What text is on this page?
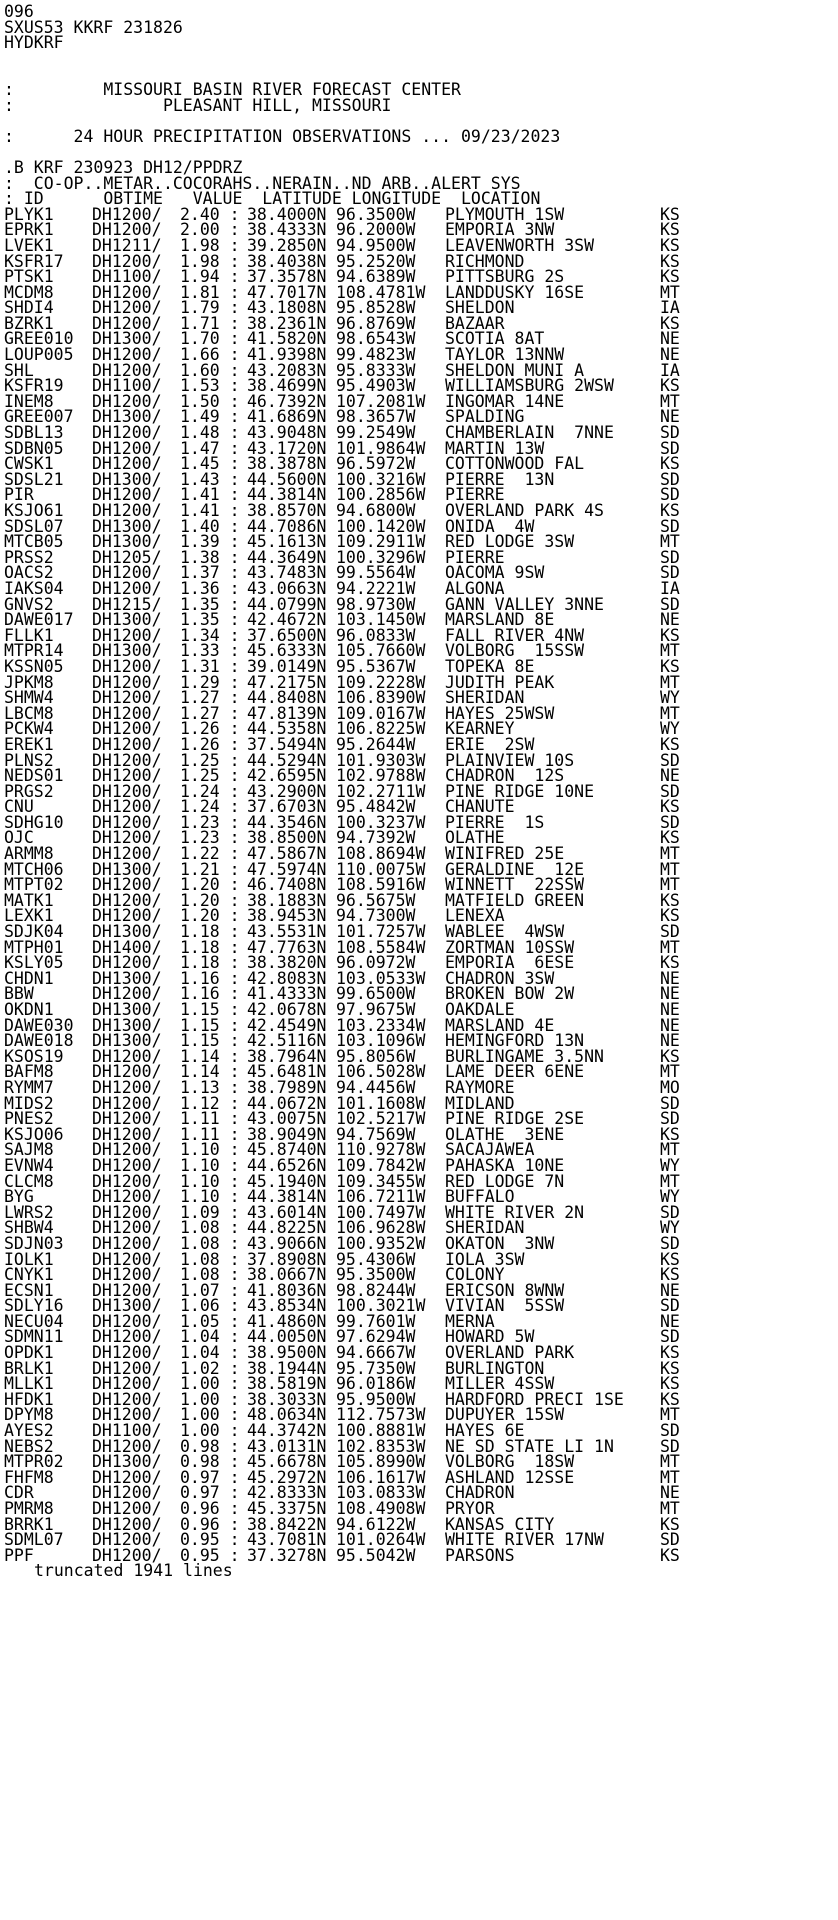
096
SXUS53 KKRF 231826
HYDKRF
:         MISSOURI BASIN RIVER FORECAST CENTER
:               PLEASANT HILL, MISSOURI
:      24 HOUR PRECIPITATION OBSERVATIONS ... 09/23/2023
.B KRF 230923 DH12/PPDRZ
:  CO-OP..METAR..COCORAHS..NERAIN..ND ARB..ALERT SYS
: ID      OBTIME   VALUE  LATITUDE LONGITUDE  LOCATION
PLYK1 DH1200/ 2.40 : 38.4000N 96.3500W PLYMOUTH 1SW	KS
EPRK1 DH1200/ 2.00 : 38.4333N 96.2000W EMPORIA 3NW	KS
LVEK1 DH1211/ 1.98 : 39.2850N 94.9500W LEAVENWORTH 3SW	KS
KSFR17 DH1200/ 1.98 : 38.4038N 95.2520W RICHMOND	KS
PTSK1 DH1100/ 1.94 : 37.3578N 94.6389W PITTSBURG 2S	KS
MCDM8 DH1200/ 1.81 : 47.7017N 108.4781W LANDDUSKY 16SE	MT
SHDI4 DH1200/ 1.79 : 43.1808N 95.8528W SHELDON	IA
BZRK1 DH1200/ 1.71 : 38.2361N 96.8769W BAZAAR	KS
GREE010 DH1300/ 1.70 : 41.5820N 98.6543W SCOTIA 8AT	NE
LOUP005 DH1200/ 1.66 : 41.9398N 99.4823W TAYLOR 13NNW	NE
SHL	DH1200/ 1.60 : 43.2083N 95.8333W SHELDON MUNI A	IA
KSFR19 DH1100/ 1.53 : 38.4699N 95.4903W WILLIAMSBURG 2WSW	KS
INEM8 DH1200/ 1.50 : 46.7392N 107.2081W INGOMAR 14NE	MT
GREE007 DH1300/ 1.49 : 41.6869N 98.3657W SPALDING	NE
SDBL13 DH1200/ 1.48 : 43.9048N 99.2549W CHAMBERLAIN  7NNE	SD
SDBN05 DH1200/ 1.47 : 43.1720N 101.9864W MARTIN 13W	SD
CWSK1 DH1200/ 1.45 : 38.3878N 96.5972W COTTONWOOD FAL	KS
SDSL21 DH1300/ 1.43 : 44.5600N 100.3216W PIERRE  13N	SD
PIR	DH1200/ 1.41 : 44.3814N 100.2856W PIERRE	SD
KSJO61 DH1200/ 1.41 : 38.8570N 94.6800W OVERLAND PARK 4S	KS
SDSL07 DH1300/ 1.40 : 44.7086N 100.1420W ONIDA  4W	SD
MTCB05 DH1300/ 1.39 : 45.1613N 109.2911W RED LODGE 3SW	MT
PRSS2 DH1205/ 1.38 : 44.3649N 100.3296W PIERRE	SD
OACS2 DH1200/ 1.37 : 43.7483N 99.5564W OACOMA 9SW	SD
IAKS04 DH1200/ 1.36 : 43.0663N 94.2221W ALGONA	IA
GNVS2 DH1215/ 1.35 : 44.0799N 98.9730W GANN VALLEY 3NNE	SD
DAWE017 DH1300/ 1.35 : 42.4672N 103.1450W MARSLAND 8E	NE
FLLK1 DH1200/ 1.34 : 37.6500N 96.0833W FALL RIVER 4NW	KS
MTPR14 DH1300/ 1.33 : 45.6333N 105.7660W VOLBORG  15SSW	MT
KSSN05 DH1200/ 1.31 : 39.0149N 95.5367W TOPEKA 8E	KS
JPKM8 DH1200/ 1.29 : 47.2175N 109.2228W JUDITH PEAK	MT
SHMW4 DH1200/ 1.27 : 44.8408N 106.8390W SHERIDAN	WY
LBCM8 DH1200/ 1.27 : 47.8139N 109.0167W HAYES 25WSW	MT
PCKW4 DH1200/ 1.26 : 44.5358N 106.8225W KEARNEY	WY
EREK1 DH1200/ 1.26 : 37.5494N 95.2644W ERIE  2SW	KS
PLNS2 DH1200/ 1.25 : 44.5294N 101.9303W PLAINVIEW 10S	SD
NEDS01 DH1200/ 1.25 : 42.6595N 102.9788W CHADRON  12S	NE
PRGS2 DH1200/ 1.24 : 43.2900N 102.2711W PINE RIDGE 10NE	SD
CNU	DH1200/ 1.24 : 37.6703N 95.4842W CHANUTE	KS
SDHG10 DH1200/ 1.23 : 44.3546N 100.3237W PIERRE  1S	SD
OJC	DH1200/ 1.23 : 38.8500N 94.7392W OLATHE	KS
ARMM8 DH1200/ 1.22 : 47.5867N 108.8694W WINIFRED 25E	MT
MTCH06 DH1300/ 1.21 : 47.5974N 110.0075W GERALDINE  12E	MT
MTPT02 DH1200/ 1.20 : 46.7408N 108.5916W WINNETT  22SSW	MT
MATK1 DH1200/ 1.20 : 38.1883N 96.5675W MATFIELD GREEN	KS
LEXK1 DH1200/ 1.20 : 38.9453N 94.7300W LENEXA	KS
SDJK04 DH1300/ 1.18 : 43.5531N 101.7257W WABLEE  4WSW	SD
MTPH01 DH1400/ 1.18 : 47.7763N 108.5584W ZORTMAN 10SSW	MT
KSLY05 DH1200/ 1.18 : 38.3820N 96.0972W EMPORIA  6ESE	KS
CHDN1 DH1300/ 1.16 : 42.8083N 103.0533W CHADRON 3SW	NE
BBW	DH1200/ 1.16 : 41.4333N 99.6500W BROKEN BOW 2W	NE
OKDN1 DH1300/ 1.15 : 42.0678N 97.9675W OAKDALE	NE
DAWE030 DH1300/ 1.15 : 42.4549N 103.2334W MARSLAND 4E	NE
DAWE018 DH1300/ 1.15 : 42.5116N 103.1096W HEMINGFORD 13N	NE
KSOS19 DH1200/ 1.14 : 38.7964N 95.8056W BURLINGAME 3.5NN	KS
BAFM8 DH1200/ 1.14 : 45.6481N 106.5028W LAME DEER 6ENE	MT
RYMM7 DH1200/ 1.13 : 38.7989N 94.4456W RAYMORE	MO
MIDS2 DH1200/ 1.12 : 44.0672N 101.1608W MIDLAND	SD
PNES2 DH1200/ 1.11 : 43.0075N 102.5217W PINE RIDGE 2SE	SD
KSJO06 DH1200/ 1.11 : 38.9049N 94.7569W OLATHE  3ENE	KS
SAJM8 DH1200/ 1.10 : 45.8740N 110.9278W SACAJAWEA	MT
EVNW4 DH1200/ 1.10 : 44.6526N 109.7842W PAHASKA 10NE	WY
CLCM8 DH1200/ 1.10 : 45.1940N 109.3455W RED LODGE 7N	MT
BYG	DH1200/ 1.10 : 44.3814N 106.7211W BUFFALO	WY
LWRS2 DH1200/ 1.09 : 43.6014N 100.7497W WHITE RIVER 2N	SD
SHBW4 DH1200/ 1.08 : 44.8225N 106.9628W SHERIDAN	WY
SDJN03 DH1200/ 1.08 : 43.9066N 100.9352W OKATON  3NW	SD
IOLK1 DH1200/ 1.08 : 37.8908N 95.4306W IOLA 3SW	KS
CNYK1 DH1200/ 1.08 : 38.0667N 95.3500W COLONY	KS
ECSN1 DH1200/ 1.07 : 41.8036N 98.8244W ERICSON 8WNW	NE
SDLY16 DH1300/ 1.06 : 43.8534N 100.3021W VIVIAN  5SSW	SD
NECU04 DH1200/ 1.05 : 41.4860N 99.7601W MERNA	NE
SDMN11 DH1200/ 1.04 : 44.0050N 97.6294W HOWARD 5W	SD
OPDK1 DH1200/ 1.04 : 38.9500N 94.6667W OVERLAND PARK	KS
BRLK1 DH1200/ 1.02 : 38.1944N 95.7350W BURLINGTON	KS
MLLK1 DH1200/ 1.00 : 38.5819N 96.0186W MILLER 4SSW	KS
HFDK1 DH1200/ 1.00 : 38.3033N 95.9500W HARDFORD PRECI 1SE KS
DPYM8 DH1200/ 1.00 : 48.0634N 112.7573W DUPUYER 15SW	MT
AYES2 DH1100/ 1.00 : 44.3742N 100.8881W HAYES 6E	SD
NEBS2 DH1200/ 0.98 : 43.0131N 102.8353W NE SD STATE LI 1N	SD
MTPR02 DH1300/ 0.98 : 45.6678N 105.8990W VOLBORG  18SW	MT
FHFM8 DH1200/ 0.97 : 45.2972N 106.1617W ASHLAND 12SSE	MT
CDR	DH1200/ 0.97 : 42.8333N 103.0833W CHADRON	NE
PMRM8 DH1200/ 0.96 : 45.3375N 108.4908W PRYOR	MT
BRRK1 DH1200/ 0.96 : 38.8422N 94.6122W KANSAS CITY	KS
SDML07 DH1200/ 0.95 : 43.7081N 101.0264W WHITE RIVER 17NW	SD
PPF	DH1200/ 0.95 : 37.3278N 95.5042W PARSONS	KS
truncated 1941 lines
